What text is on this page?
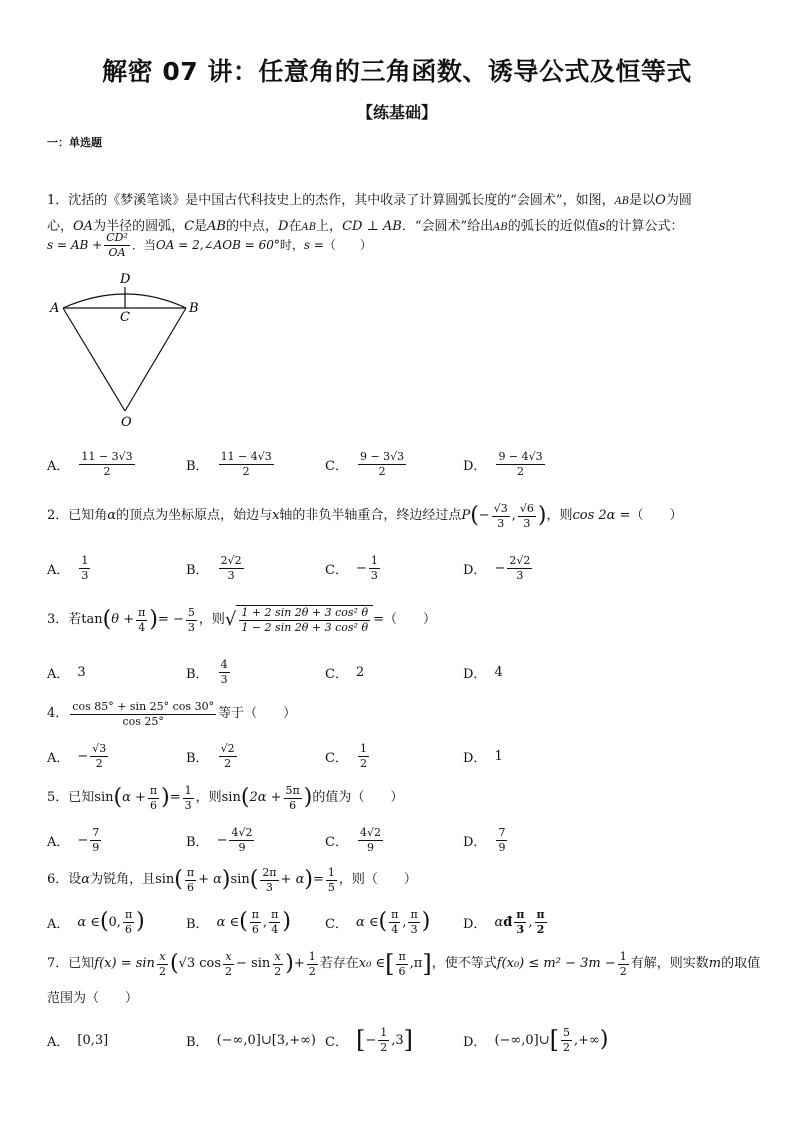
解密 07 讲：任意角的三角函数、诱导公式及恒等式
【练基础】
一：单选题
1．沈括的《梦溪笔谈》是中国古代科技史上的杰作，其中收录了计算圆弧长度的“会圆术”，如图，AB是以O为圆
心，OA为半径的圆弧，C是AB的中点，D在AB上，CD ⊥ AB．“会圆术”给出AB的弧长的近似值s的计算公式：
s = AB + $\frac{\text{CD²}}{OA}$ ．当 OA = 2,∠AOB = 60° 时， s = （　　）
A	B
C
D
O
A． $\frac{11 - 3√3}{2}$	B． $\frac{11 - 4√3}{2}$	C． $\frac{9 - 3√3}{2}$	D． $\frac{9 - 4√3}{2}$
2．已知角 α 的顶点为坐标原点，始边与 x 轴的非负半轴重合，终边经过点 P ( − $\frac{√3}{3}$ , $\frac{√6}{3}$ ) ，则 cos 2α = （　　）
A． $\frac{1}{3}$	B． $\frac{2√2}{3}$	C． − $\frac{1}{3}$	D． − $\frac{2√2}{3}$
3．若 tan ( $\theta + \frac{\pi}{4}$ ) = − $\frac{5}{3}$ ，则 √ $\frac{\text{1 + 2 sin 2θ + 3 cos² θ}}{\text{1 − 2 sin 2θ + 3 cos² θ}}$ = （　　）
A． 3	B． $\frac{4}{3}$	C． 2	D． 4
4． $\frac{\cos 85^\circ + \sin 25^\circ \cos 30^\circ}{\cos 25^\circ}$ 等于（　　）
A． − $\frac{√3}{2}$	B． $\frac{√2}{2}$	C． $\frac{1}{2}$	D． 1
5．已知 sin ( $\alpha + \frac{\pi}{6}$ ) = $\frac{1}{3}$ ，则 sin ( $2\alpha + \frac{5\pi}{6}$ ) 的值为（　　）
A． − $\frac{7}{9}$	B． − $\frac{4√2}{9}$	C． $\frac{4√2}{9}$	D． $\frac{7}{9}$
6．设 α 为锐角，且 sin ( $\frac{\pi}{6} + \alpha$ ) sin ( $\frac{2\pi}{3} + \alpha$ ) = $\frac{1}{5}$ ，则（　　）
A． α ∈ ( 0, $\frac{\pi}{6}$ )	B． α ∈ ( $\frac{\pi}{6}$ , $\frac{\pi}{4}$ )	C． α ∈ ( $\frac{\pi}{4}$ , $\frac{\pi}{3}$ )	D． α đ $\frac{\pi}{3}$ , $\frac{\pi}{2}$
7．已知 $f(x) = \sin \frac{x}{2}$ ( √3 $\cos \frac{x}{2} - \sin \frac{x}{2}$ ) + $\frac{1}{2}$ 若存在 x₀ ∈ [ $\frac{\pi}{6} ,\pi$ ] ，使不等式 $f(x_0) \le m^2 - 3m - \frac{1}{2}$ 有解，则实数 m 的取值
范围为（　　）
A． [0,3]	B． (−∞,0]∪[3,+∞) C． [ − $\frac{1}{2} ,3$ ]	D． (−∞,0]∪ [ $\frac{5}{2}$ ,+∞ )
